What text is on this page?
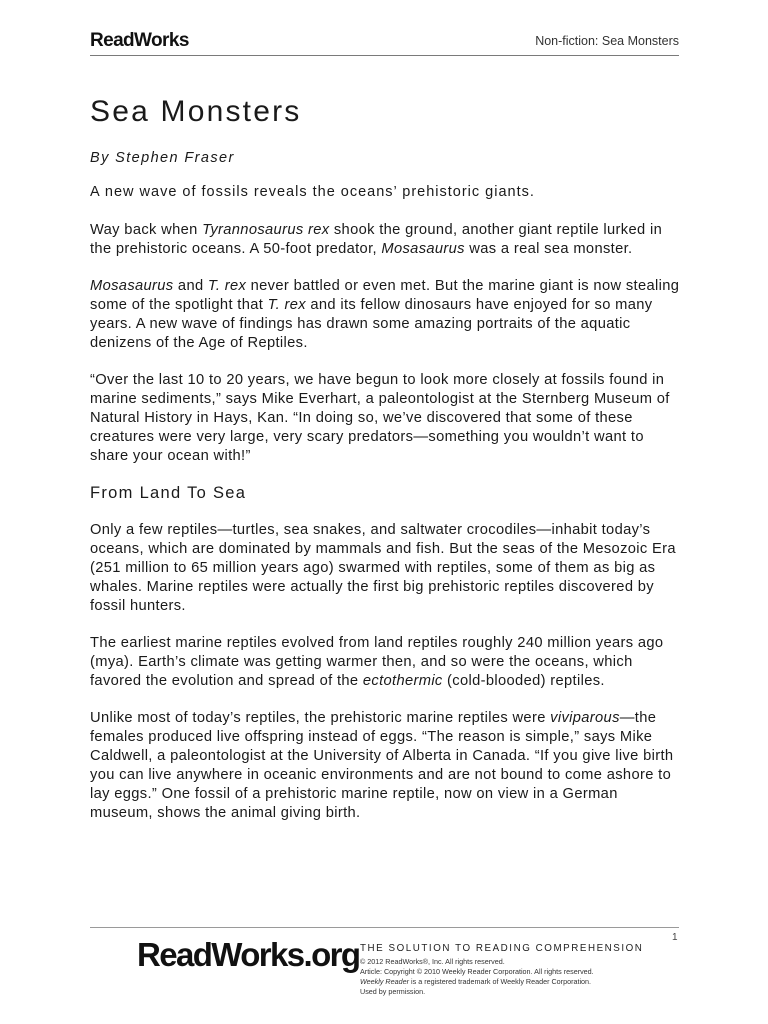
ReadWorks	Non-fiction: Sea Monsters
Sea Monsters
By Stephen Fraser
A new wave of fossils reveals the oceans’ prehistoric giants.

Way back when Tyrannosaurus rex shook the ground, another giant reptile lurked in the prehistoric oceans. A 50-foot predator, Mosasaurus was a real sea monster.

Mosasaurus and T. rex never battled or even met. But the marine giant is now stealing some of the spotlight that T. rex and its fellow dinosaurs have enjoyed for so many years. A new wave of findings has drawn some amazing portraits of the aquatic denizens of the Age of Reptiles.

“Over the last 10 to 20 years, we have begun to look more closely at fossils found in marine sediments,” says Mike Everhart, a paleontologist at the Sternberg Museum of Natural History in Hays, Kan. “In doing so, we’ve discovered that some of these creatures were very large, very scary predators—something you wouldn’t want to share your ocean with!”

From Land To Sea

Only a few reptiles—turtles, sea snakes, and saltwater crocodiles—inhabit today’s oceans, which are dominated by mammals and fish. But the seas of the Mesozoic Era (251 million to 65 million years ago) swarmed with reptiles, some of them as big as whales. Marine reptiles were actually the first big prehistoric reptiles discovered by fossil hunters.

The earliest marine reptiles evolved from land reptiles roughly 240 million years ago (mya). Earth’s climate was getting warmer then, and so were the oceans, which favored the evolution and spread of the ectothermic (cold-blooded) reptiles.

Unlike most of today’s reptiles, the prehistoric marine reptiles were viviparous—the females produced live offspring instead of eggs. “The reason is simple,” says Mike Caldwell, a paleontologist at the University of Alberta in Canada. “If you give live birth you can live anywhere in oceanic environments and are not bound to come ashore to lay eggs.” One fossil of a prehistoric marine reptile, now on view in a German museum, shows the animal giving birth.

1
ReadWorks.org THE SOLUTION TO READING COMPREHENSION
© 2012 ReadWorks®, Inc. All rights reserved.
Article: Copyright © 2010 Weekly Reader Corporation. All rights reserved.
Weekly Reader is a registered trademark of Weekly Reader Corporation.
Used by permission.
